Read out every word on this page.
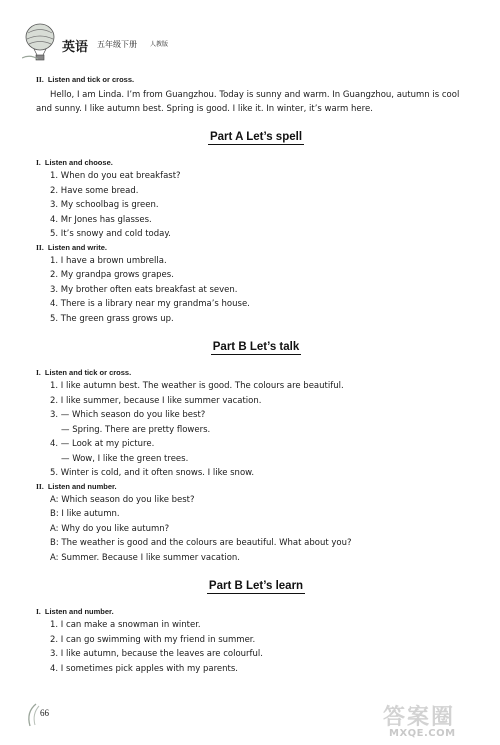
英语 五年级下册 人教版
II. Listen and tick or cross.
Hello, I am Linda. I’m from Guangzhou. Today is sunny and warm. In Guangzhou, autumn is cool and sunny. I like autumn best. Spring is good. I like it. In winter, it’s warm here.
Part A Let’s spell
I. Listen and choose.
1. When do you eat breakfast?
2. Have some bread.
3. My schoolbag is green.
4. Mr Jones has glasses.
5. It’s snowy and cold today.
II. Listen and write.
1. I have a brown umbrella.
2. My grandpa grows grapes.
3. My brother often eats breakfast at seven.
4. There is a library near my grandma’s house.
5. The green grass grows up.
Part B Let’s talk
I. Listen and tick or cross.
1. I like autumn best. The weather is good. The colours are beautiful.
2. I like summer, because I like summer vacation.
3. — Which season do you like best?
— Spring. There are pretty flowers.
4. — Look at my picture.
— Wow, I like the green trees.
5. Winter is cold, and it often snows. I like snow.
II. Listen and number.
A: Which season do you like best?
B: I like autumn.
A: Why do you like autumn?
B: The weather is good and the colours are beautiful. What about you?
A: Summer. Because I like summer vacation.
Part B Let’s learn
I. Listen and number.
1. I can make a snowman in winter.
2. I can go swimming with my friend in summer.
3. I like autumn, because the leaves are colourful.
4. I sometimes pick apples with my parents.
66	答案圈
MXQE.COM
